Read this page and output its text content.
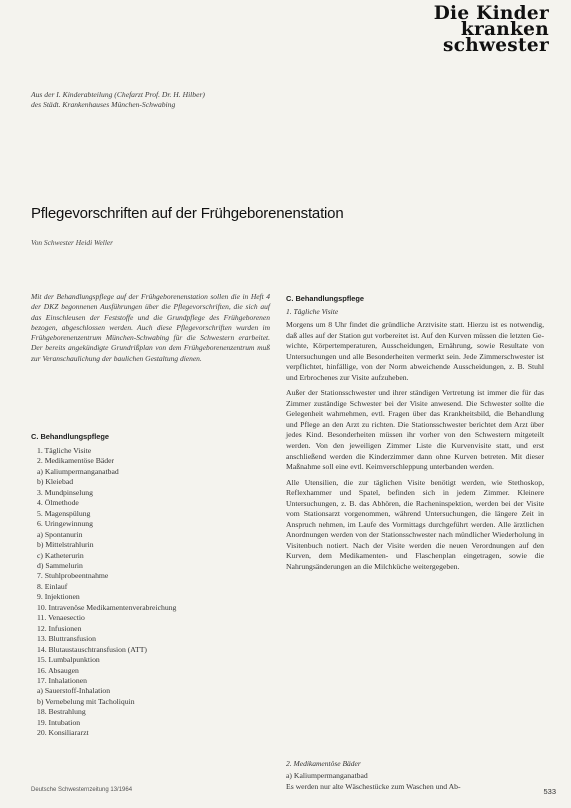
Die Kinder
kranken
schwester
Aus der I. Kinderabteilung (Chefarzt Prof. Dr. H. Hilber)
des Städt. Krankenhauses München-Schwabing
Pflegevorschriften auf der Frühgeborenenstation
Von Schwester Heidi Weller
Mit der Behandlungspflege auf der Frühgeborenenstation sollen die in Heft 4 der DKZ begonnenen Ausführungen über die Pflegevorschriften, die sich auf das Einschleusen der Feststoffe und die Grundpflege des Frühgeborenen bezogen, abgeschlossen werden. Auch diese Pflegevorschriften wurden im Frühgeborenenzentrum München-Schwabing für die Schwestern erarbeitet. Der bereits angekündigte Grundrißplan von dem Frühgeborenenzentrum muß zur Veranschaulichung der baulichen Gestaltung dienen.
C. Behandlungspflege
1. Tägliche Visite
2. Medikamentöse Bäder
a) Kaliumpermanganatbad
b) Kleiebad
3. Mundpinselung
4. Ölmethode
5. Magenspülung
6. Uringewinnung
a) Spontanurin
b) Mittelstrahlurin
c) Katheterurin
d) Sammelurin
7. Stuhlprobeentnahme
8. Einlauf
9. Injektionen
10. Intravenöse Medikamentenverabreichung
11. Venaesectio
12. Infusionen
13. Bluttransfusion
14. Blutaustauschtransfusion (ATT)
15. Lumbalpunktion
16. Absaugen
17. Inhalationen
a) Sauerstoff-Inhalation
b) Vernebelung mit Tacholiquin
18. Bestrahlung
19. Intubation
20. Konsiliararzt
C. Behandlungspflege
1. Tägliche Visite

Morgens um 8 Uhr findet die gründliche Arztvisite statt. Hierzu ist es notwendig, daß alles auf der Station gut vorbereitet ist. Auf den Kurven müssen die letzten Gewichte, Körpertemperaturen, Ausscheidungen, Ernährung, sowie Resultate von Untersuchungen und alle Besonderheiten vermerkt sein. Jede Zimmerschwester ist verpflichtet, hinfällige, von der Norm abweichende Ausscheidungen, z. B. Stuhl und Erbrochenes zur Visite aufzuheben.

Außer der Stationsschwester und ihrer ständigen Vertretung ist immer die für das Zimmer zuständige Schwester bei der Visite anwesend. Die Schwester sollte die Gelegenheit wahrnehmen, evtl. Fragen über das Krankheitsbild, die Behandlung und Pflege an den Arzt zu richten. Die Stationsschwester berichtet dem Arzt über jedes Kind. Besonderheiten müssen ihr vorher von den Schwestern mitgeteilt werden. Von den jeweiligen Zimmer Liste die Kurvenvisite statt, und erst anschließend werden die Kinderzimmer dann ohne Kurven betreten. Mit dieser Maßnahme soll eine evtl. Keimverschleppung unterbanden werden.

Alle Utensilien, die zur täglichen Visite benötigt werden, wie Stethoskop, Reflexhammer und Spatel, befinden sich in jedem Zimmer. Kleinere Untersuchungen, z. B. das Abhören, die Racheninspektion, werden bei der Visite vom Stationsarzt vorgenommen, während Untersuchungen, die längere Zeit in Anspruch nehmen, im Laufe des Vormittags durchgeführt werden. Alle ärztlichen Anordnungen werden von der Stationsschwester nach mündlicher Wiederholung in Visitenbuch notiert. Nach der Visite werden die neuen Verordnungen auf den Kurven, dem Medikamenten- und Flaschenplan eingetragen, sowie die Nahrungsänderungen an die Milchküche weitergegeben.

2. Medikamentöse Bäder
a) Kaliumpermanganatbad
Es werden nur alte Wäschestücke zum Waschen und Ab-
Deutsche Schwesternzeitung 13/1964	533
